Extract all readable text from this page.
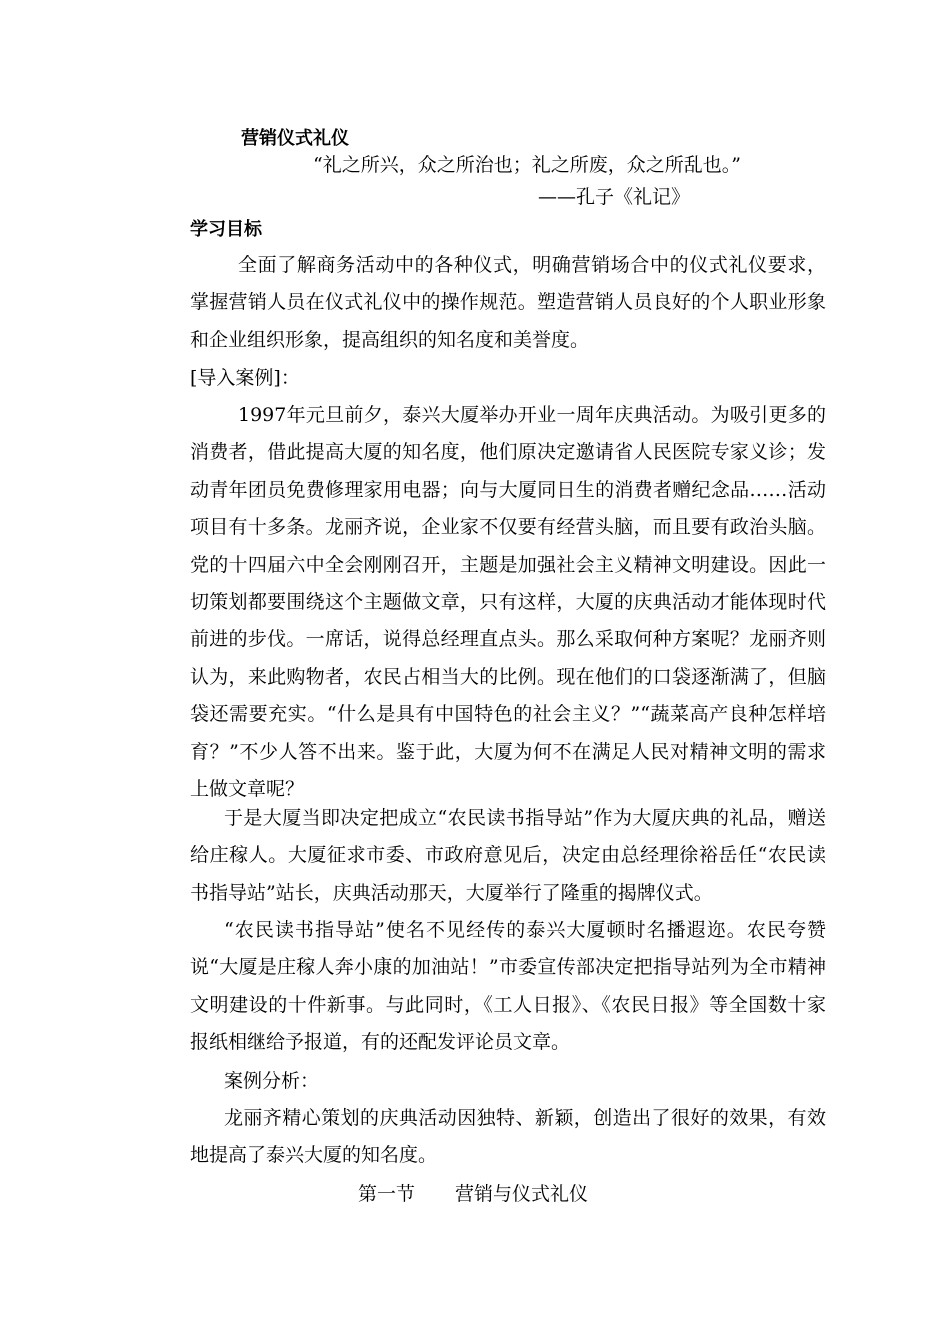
营销仪式礼仪
“礼之所兴，众之所治也；礼之所废，众之所乱也。”
——孔子《礼记》
学习目标
全面了解商务活动中的各种仪式，明确营销场合中的仪式礼仪要求，掌握营销人员在仪式礼仪中的操作规范。塑造营销人员良好的个人职业形象和企业组织形象，提高组织的知名度和美誉度。
[导入案例]：
1997年元旦前夕，泰兴大厦举办开业一周年庆典活动。为吸引更多的消费者，借此提高大厦的知名度，他们原决定邀请省人民医院专家义诊；发动青年团员免费修理家用电器；向与大厦同日生的消费者赠纪念品……活动项目有十多条。龙丽齐说，企业家不仅要有经营头脑，而且要有政治头脑。党的十四届六中全会刚刚召开，主题是加强社会主义精神文明建设。因此一切策划都要围绕这个主题做文章，只有这样，大厦的庆典活动才能体现时代前进的步伐。一席话，说得总经理直点头。那么采取何种方案呢？龙丽齐则认为，来此购物者，农民占相当大的比例。现在他们的口袋逐渐满了，但脑袋还需要充实。“什么是具有中国特色的社会主义？”“蔬菜高产良种怎样培育？”不少人答不出来。鉴于此，大厦为何不在满足人民对精神文明的需求上做文章呢？
于是大厦当即决定把成立“农民读书指导站”作为大厦庆典的礼品，赠送给庄稼人。大厦征求市委、市政府意见后，决定由总经理徐裕岳任“农民读书指导站”站长，庆典活动那天，大厦举行了隆重的揭牌仪式。
“农民读书指导站”使名不见经传的泰兴大厦顿时名播遐迩。农民夸赞说“大厦是庄稼人奔小康的加油站！”市委宣传部决定把指导站列为全市精神文明建设的十件新事。与此同时，《工人日报》、《农民日报》等全国数十家报纸相继给予报道，有的还配发评论员文章。
案例分析：
龙丽齐精心策划的庆典活动因独特、新颖，创造出了很好的效果，有效地提高了泰兴大厦的知名度。
第一节 营销与仪式礼仪
